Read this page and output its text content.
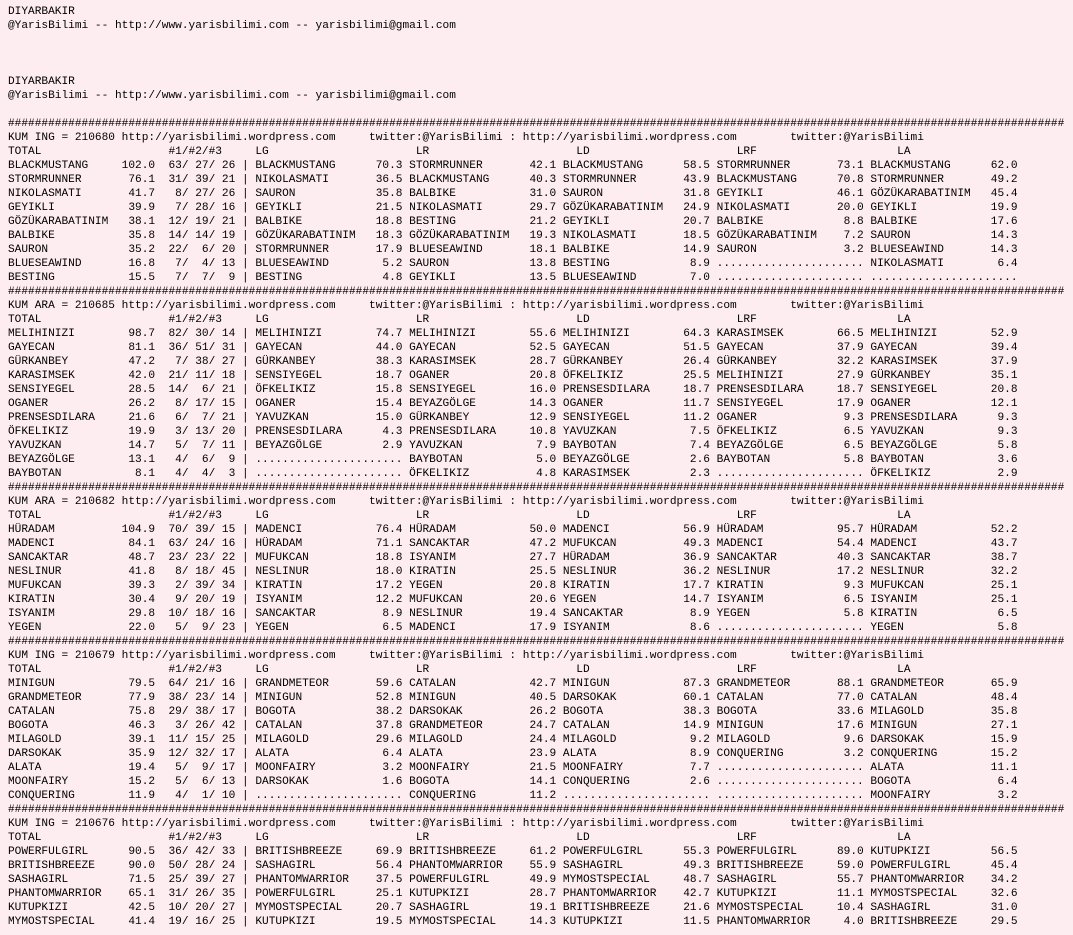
DIYARBAKIR
@YarisBilimi -- http://www.yarisbilimi.com -- yarisbilimi@gmail.com
DIYARBAKIR
@YarisBilimi -- http://www.yarisbilimi.com -- yarisbilimi@gmail.com
##############################################################################################################################################################
KUM ING = 210680 http://yarisbilimi.wordpress.com     twitter:@YarisBilimi : http://yarisbilimi.wordpress.com        twitter:@YarisBilimi
TOTAL                   #1/#2/#3     LG                      LR                      LD                      LRF                     LA
BLACKMUSTANG     102.0  63/ 27/ 26 | BLACKMUSTANG      70.3 STORMRUNNER       42.1 BLACKMUSTANG      58.5 STORMRUNNER       73.1 BLACKMUSTANG      62.0
STORMRUNNER       76.1  31/ 39/ 21 | NIKOLASMATI       36.5 BLACKMUSTANG      40.3 STORMRUNNER       43.9 BLACKMUSTANG      70.8 STORMRUNNER       49.2
NIKOLASMATI       41.7   8/ 27/ 26 | SAURON            35.8 BALBIKE           31.0 SAURON            31.8 GEYIKLI           46.1 GÖZÜKARABATINIM   45.4
GEYIKLI           39.9   7/ 28/ 16 | GEYIKLI           21.5 NIKOLASMATI       29.7 GÖZÜKARABATINIM   24.9 NIKOLASMATI       20.0 GEYIKLI           19.9
GÖZÜKARABATINIM   38.1  12/ 19/ 21 | BALBIKE           18.8 BESTING           21.2 GEYIKLI           20.7 BALBIKE            8.8 BALBIKE           17.6
BALBIKE           35.8  14/ 14/ 19 | GÖZÜKARABATINIM   18.3 GÖZÜKARABATINIM   19.3 NIKOLASMATI       18.5 GÖZÜKARABATINIM    7.2 SAURON            14.3
SAURON            35.2  22/  6/ 20 | STORMRUNNER       17.9 BLUESEAWIND       18.1 BALBIKE           14.9 SAURON             3.2 BLUESEAWIND       14.3
BLUESEAWIND       16.8   7/  4/ 13 | BLUESEAWIND        5.2 SAURON            13.8 BESTING            8.9 ...................... NIKOLASMATI        6.4
BESTING           15.5   7/  7/  9 | BESTING            4.8 GEYIKLI           13.5 BLUESEAWIND        7.0 ...................... ......................
##############################################################################################################################################################
KUM ARA = 210685 http://yarisbilimi.wordpress.com     twitter:@YarisBilimi : http://yarisbilimi.wordpress.com        twitter:@YarisBilimi
TOTAL                   #1/#2/#3     LG                      LR                      LD                      LRF                     LA
MELIHINIZI        98.7  82/ 30/ 14 | MELIHINIZI        74.7 MELIHINIZI        55.6 MELIHINIZI        64.3 KARASIMSEK        66.5 MELIHINIZI        52.9
GAYECAN           81.1  36/ 51/ 31 | GAYECAN           44.0 GAYECAN           52.5 GAYECAN           51.5 GAYECAN           37.9 GAYECAN           39.4
GÜRKANBEY         47.2   7/ 38/ 27 | GÜRKANBEY         38.3 KARASIMSEK        28.7 GÜRKANBEY         26.4 GÜRKANBEY         32.2 KARASIMSEK        37.9
KARASIMSEK        42.0  21/ 11/ 18 | SENSIYEGEL        18.7 OGANER            20.8 ÖFKELIKIZ         25.5 MELIHINIZI        27.9 GÜRKANBEY         35.1
SENSIYEGEL        28.5  14/  6/ 21 | ÖFKELIKIZ         15.8 SENSIYEGEL        16.0 PRENSESDILARA     18.7 PRENSESDILARA     18.7 SENSIYEGEL        20.8
OGANER            26.2   8/ 17/ 15 | OGANER            15.4 BEYAZGÖLGE        14.3 OGANER            11.7 SENSIYEGEL        17.9 OGANER            12.1
PRENSESDILARA     21.6   6/  7/ 21 | YAVUZKAN          15.0 GÜRKANBEY         12.9 SENSIYEGEL        11.2 OGANER             9.3 PRENSESDILARA      9.3
ÖFKELIKIZ         19.9   3/ 13/ 20 | PRENSESDILARA      4.3 PRENSESDILARA     10.8 YAVUZKAN           7.5 ÖFKELIKIZ          6.5 YAVUZKAN           9.3
YAVUZKAN          14.7   5/  7/ 11 | BEYAZGÖLGE         2.9 YAVUZKAN           7.9 BAYBOTAN           7.4 BEYAZGÖLGE         6.5 BEYAZGÖLGE         5.8
BEYAZGÖLGE        13.1   4/  6/  9 | ...................... BAYBOTAN           5.0 BEYAZGÖLGE         2.6 BAYBOTAN           5.8 BAYBOTAN           3.6
BAYBOTAN           8.1   4/  4/  3 | ...................... ÖFKELIKIZ          4.8 KARASIMSEK         2.3 ...................... ÖFKELIKIZ          2.9
##############################################################################################################################################################
KUM ARA = 210682 http://yarisbilimi.wordpress.com     twitter:@YarisBilimi : http://yarisbilimi.wordpress.com        twitter:@YarisBilimi
TOTAL                   #1/#2/#3     LG                      LR                      LD                      LRF                     LA
HÜRADAM          104.9  70/ 39/ 15 | MADENCI           76.4 HÜRADAM           50.0 MADENCI           56.9 HÜRADAM           95.7 HÜRADAM           52.2
MADENCI           84.1  63/ 24/ 16 | HÜRADAM           71.1 SANCAKTAR         47.2 MUFUKCAN          49.3 MADENCI           54.4 MADENCI           43.7
SANCAKTAR         48.7  23/ 23/ 22 | MUFUKCAN          18.8 ISYANIM           27.7 HÜRADAM           36.9 SANCAKTAR         40.3 SANCAKTAR         38.7
NESLINUR          41.8   8/ 18/ 45 | NESLINUR          18.0 KIRATIN           25.5 NESLINUR          36.2 NESLINUR          17.2 NESLINUR          32.2
MUFUKCAN          39.3   2/ 39/ 34 | KIRATIN           17.2 YEGEN             20.8 KIRATIN           17.7 KIRATIN            9.3 MUFUKCAN          25.1
KIRATIN           30.4   9/ 20/ 19 | ISYANIM           12.2 MUFUKCAN          20.6 YEGEN             14.7 ISYANIM            6.5 ISYANIM           25.1
ISYANIM           29.8  10/ 18/ 16 | SANCAKTAR          8.9 NESLINUR          19.4 SANCAKTAR          8.9 YEGEN              5.8 KIRATIN            6.5
YEGEN             22.0   5/  9/ 23 | YEGEN              6.5 MADENCI           17.9 ISYANIM            8.6 ...................... YEGEN              5.8
##############################################################################################################################################################
KUM ING = 210679 http://yarisbilimi.wordpress.com     twitter:@YarisBilimi : http://yarisbilimi.wordpress.com        twitter:@YarisBilimi
TOTAL                   #1/#2/#3     LG                      LR                      LD                      LRF                     LA
MINIGUN           79.5  64/ 21/ 16 | GRANDMETEOR       59.6 CATALAN           42.7 MINIGUN           87.3 GRANDMETEOR       88.1 GRANDMETEOR       65.9
GRANDMETEOR       77.9  38/ 23/ 14 | MINIGUN           52.8 MINIGUN           40.5 DARSOKAK          60.1 CATALAN           77.0 CATALAN           48.4
CATALAN           75.8  29/ 38/ 17 | BOGOTA            38.2 DARSOKAK          26.2 BOGOTA            38.3 BOGOTA            33.6 MILAGOLD          35.8
BOGOTA            46.3   3/ 26/ 42 | CATALAN           37.8 GRANDMETEOR       24.7 CATALAN           14.9 MINIGUN           17.6 MINIGUN           27.1
MILAGOLD          39.1  11/ 15/ 25 | MILAGOLD          29.6 MILAGOLD          24.4 MILAGOLD           9.2 MILAGOLD           9.6 DARSOKAK          15.9
DARSOKAK          35.9  12/ 32/ 17 | ALATA              6.4 ALATA             23.9 ALATA              8.9 CONQUERING         3.2 CONQUERING        15.2
ALATA             19.4   5/  9/ 17 | MOONFAIRY          3.2 MOONFAIRY         21.5 MOONFAIRY          7.7 ...................... ALATA             11.1
MOONFAIRY         15.2   5/  6/ 13 | DARSOKAK           1.6 BOGOTA            14.1 CONQUERING         2.6 ...................... BOGOTA             6.4
CONQUERING        11.9   4/  1/ 10 | ...................... CONQUERING        11.2 ...................... ...................... MOONFAIRY          3.2
##############################################################################################################################################################
KUM ING = 210676 http://yarisbilimi.wordpress.com     twitter:@YarisBilimi : http://yarisbilimi.wordpress.com        twitter:@YarisBilimi
TOTAL                   #1/#2/#3     LG                      LR                      LD                      LRF                     LA
POWERFULGIRL      90.5  36/ 42/ 33 | BRITISHBREEZE     69.9 BRITISHBREEZE     61.2 POWERFULGIRL      55.3 POWERFULGIRL      89.0 KUTUPKIZI         56.5
BRITISHBREEZE     90.0  50/ 28/ 24 | SASHAGIRL         56.4 PHANTOMWARRIOR    55.9 SASHAGIRL         49.3 BRITISHBREEZE     59.0 POWERFULGIRL      45.4
SASHAGIRL         71.5  25/ 39/ 27 | PHANTOMWARRIOR    37.5 POWERFULGIRL      49.9 MYMOSTSPECIAL     48.7 SASHAGIRL         55.7 PHANTOMWARRIOR    34.2
PHANTOMWARRIOR    65.1  31/ 26/ 35 | POWERFULGIRL      25.1 KUTUPKIZI         28.7 PHANTOMWARRIOR    42.7 KUTUPKIZI         11.1 MYMOSTSPECIAL     32.6
KUTUPKIZI         42.5  10/ 20/ 27 | MYMOSTSPECIAL     20.7 SASHAGIRL         19.1 BRITISHBREEZE     21.6 MYMOSTSPECIAL     10.4 SASHAGIRL         31.0
MYMOSTSPECIAL     41.4  19/ 16/ 25 | KUTUPKIZI         19.5 MYMOSTSPECIAL     14.3 KUTUPKIZI         11.5 PHANTOMWARRIOR     4.0 BRITISHBREEZE     29.5
